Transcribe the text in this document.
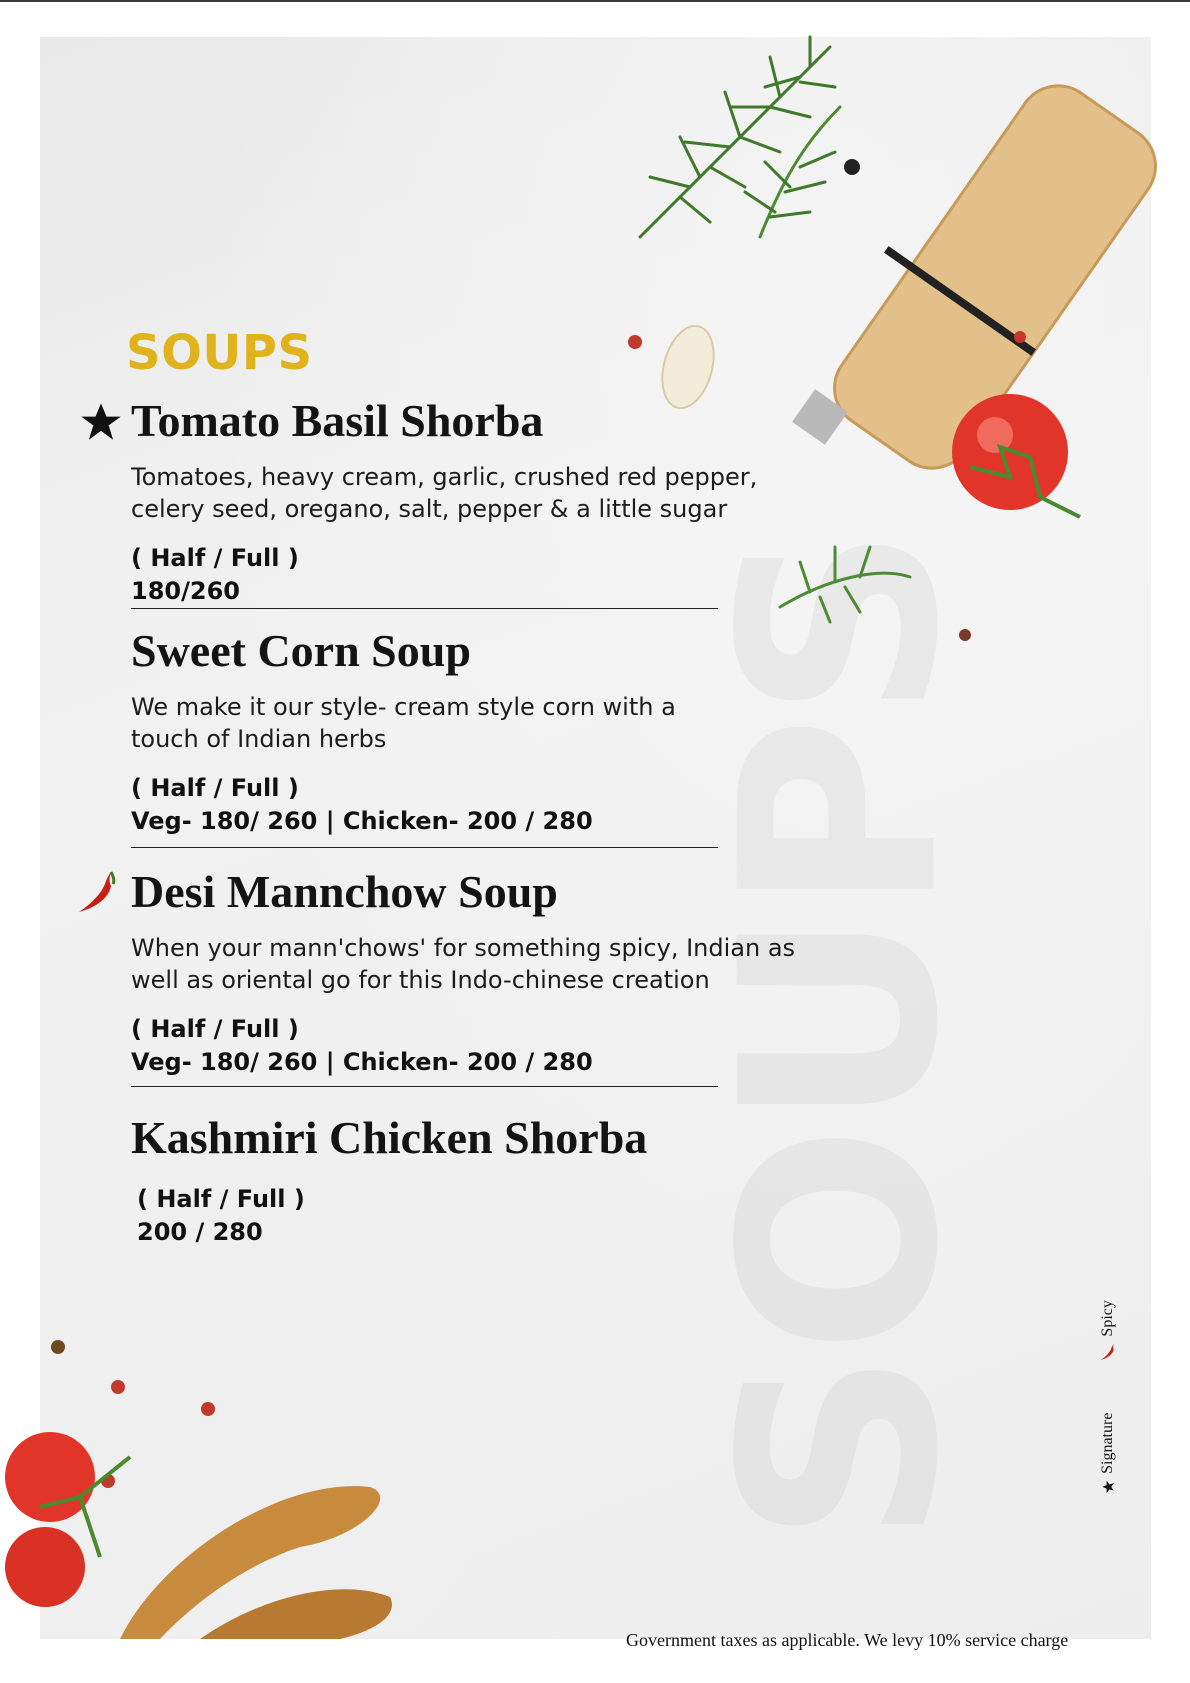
SOUPS
Tomato Basil Shorba

Tomatoes, heavy cream, garlic, crushed red pepper, celery seed, oregano, salt, pepper & a little sugar

( Half / Full )

180/260

Sweet Corn Soup

We make it our style- cream style corn with a touch of Indian herbs

( Half / Full )

Veg- 180/ 260 | Chicken- 200 / 280

Desi Mannchow Soup

When your mann'chows' for something spicy, Indian as well as oriental go for this Indo-chinese creation

( Half / Full )

Veg- 180/ 260 | Chicken- 200 / 280

Kashmiri Chicken Shorba

( Half / Full )

200 / 280

Signature
Spicy

Government taxes as applicable. We levy 10% service charge
